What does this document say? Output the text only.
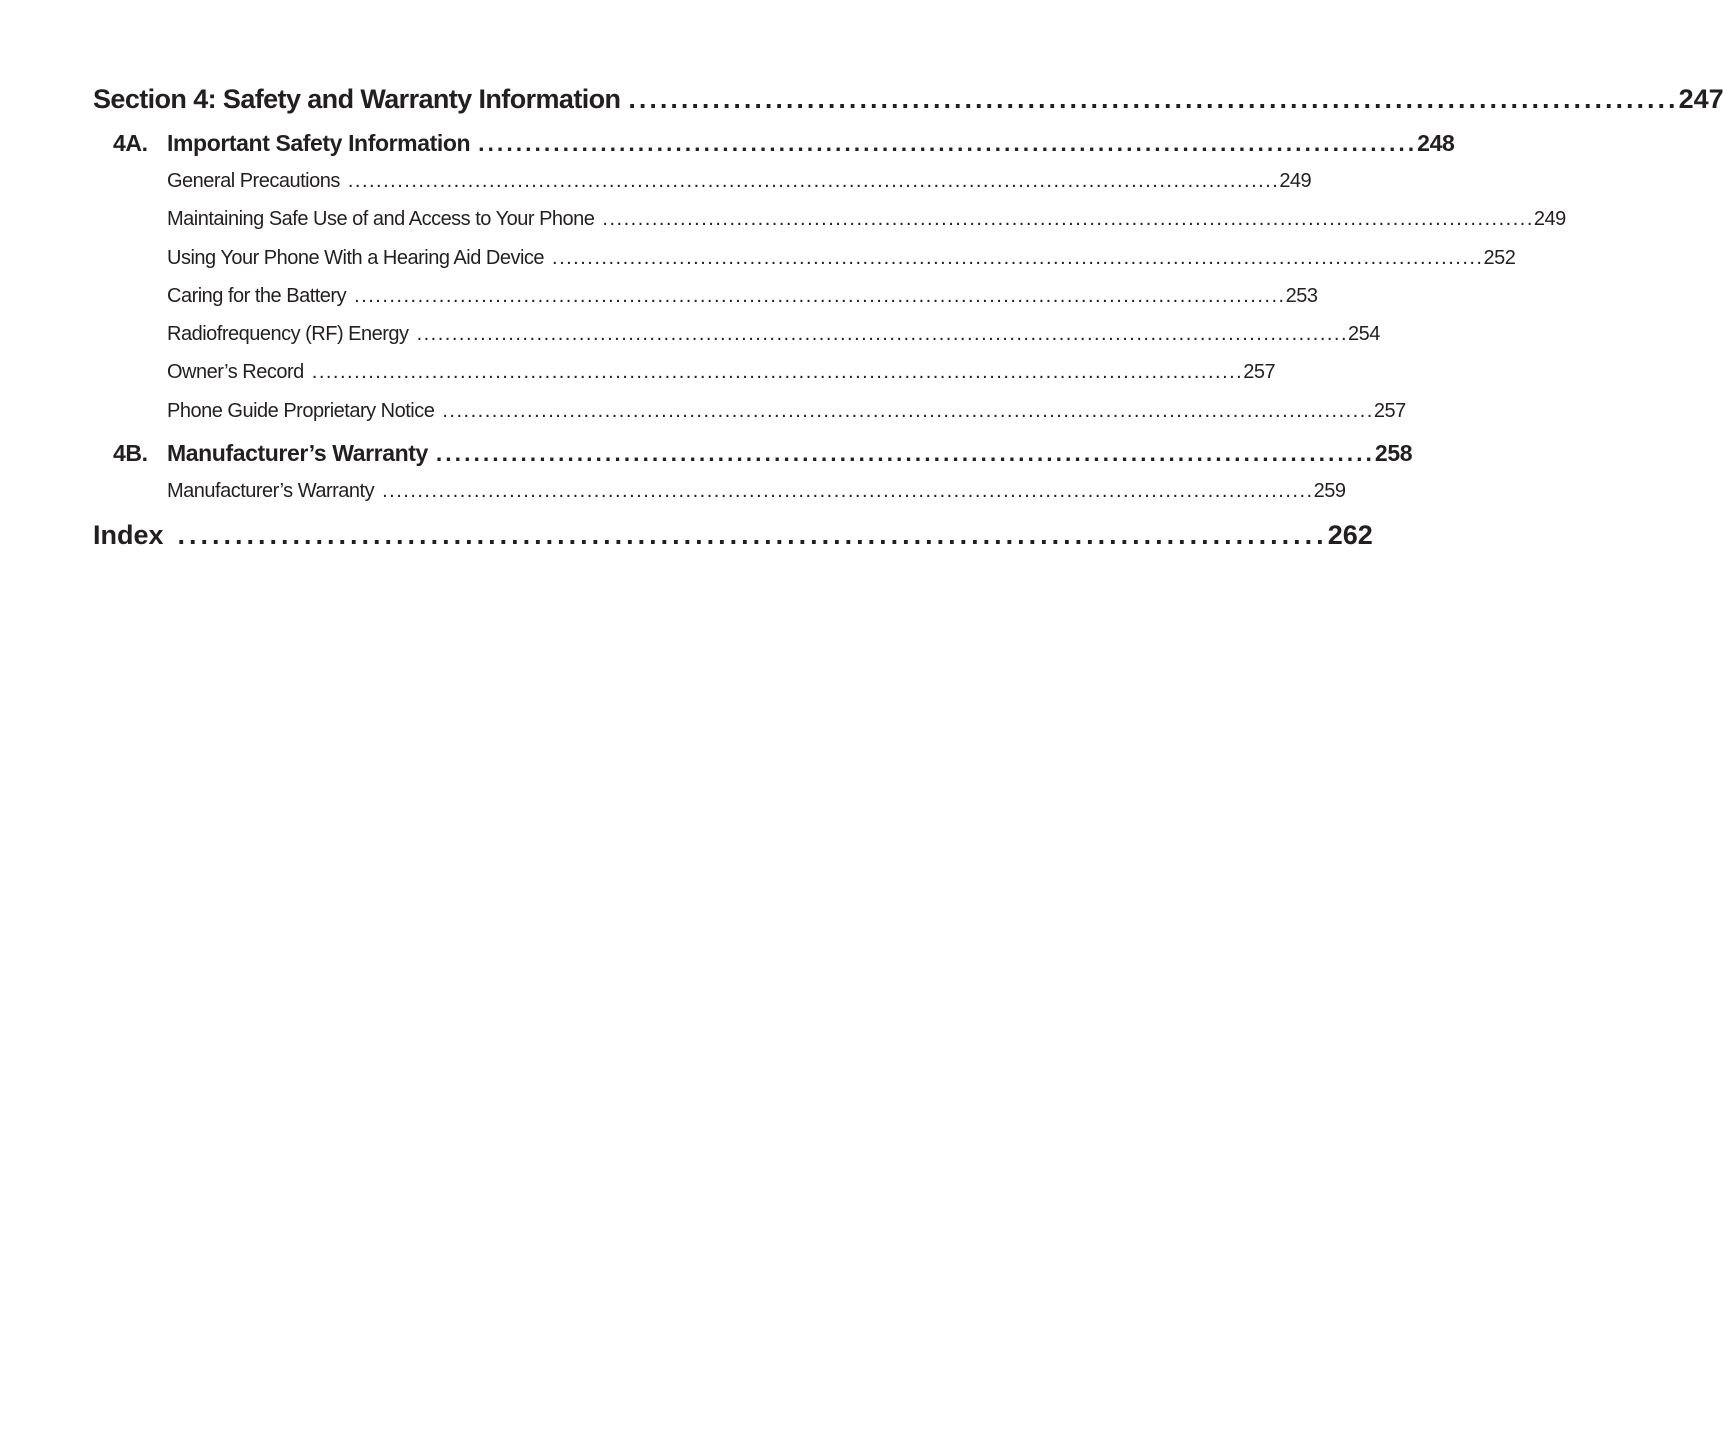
Section 4: Safety and Warranty Information .................................................................................................... 247
4A. Important Safety Information .................................................................................................... 248
General Precautions .................................................................................................................................... 249
Maintaining Safe Use of and Access to Your Phone .................................................................................................................................... 249
Using Your Phone With a Hearing Aid Device .................................................................................................................................... 252
Caring for the Battery .................................................................................................................................... 253
Radiofrequency (RF) Energy .................................................................................................................................... 254
Owner’s Record .................................................................................................................................... 257
Phone Guide Proprietary Notice .................................................................................................................................... 257
4B. Manufacturer’s Warranty .................................................................................................... 258
Manufacturer’s Warranty .................................................................................................................................... 259
Index .................................................................................................... 262
